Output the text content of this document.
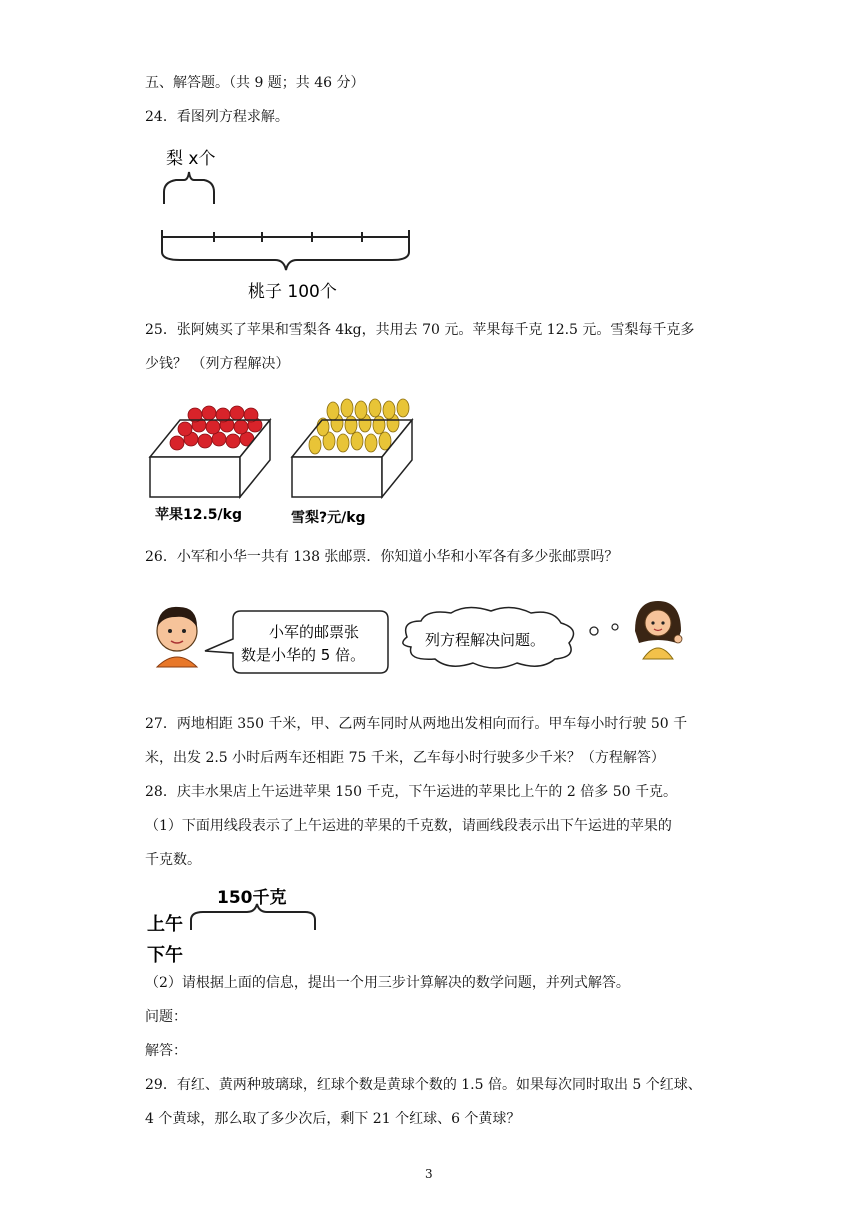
五、解答题。（共 9 题；共 46 分）
24．看图列方程求解。
梨 x个
桃子 100个
25．张阿姨买了苹果和雪梨各 4kg，共用去 70 元。苹果每千克 12.5 元。雪梨每千克多
少钱？ （列方程解决）
苹果12.5/kg	雪梨?元/kg
26．小军和小华一共有 138 张邮票．你知道小华和小军各有多少张邮票吗？
小军的邮票张
数是小华的 5 倍。
列方程解决问题。
27．两地相距 350 千米，甲、乙两车同时从两地出发相向而行。甲车每小时行驶 50 千
米，出发 2.5 小时后两车还相距 75 千米，乙车每小时行驶多少千米？（方程解答）
28．庆丰水果店上午运进苹果 150 千克，下午运进的苹果比上午的 2 倍多 50 千克。
（1）下面用线段表示了上午运进的苹果的千克数，请画线段表示出下午运进的苹果的
千克数。
150千克
上午
下午
（2）请根据上面的信息，提出一个用三步计算解决的数学问题，并列式解答。
问题：
解答：
29．有红、黄两种玻璃球，红球个数是黄球个数的 1.5 倍。如果每次同时取出 5 个红球、
4 个黄球，那么取了多少次后，剩下 21 个红球、6 个黄球？
3
